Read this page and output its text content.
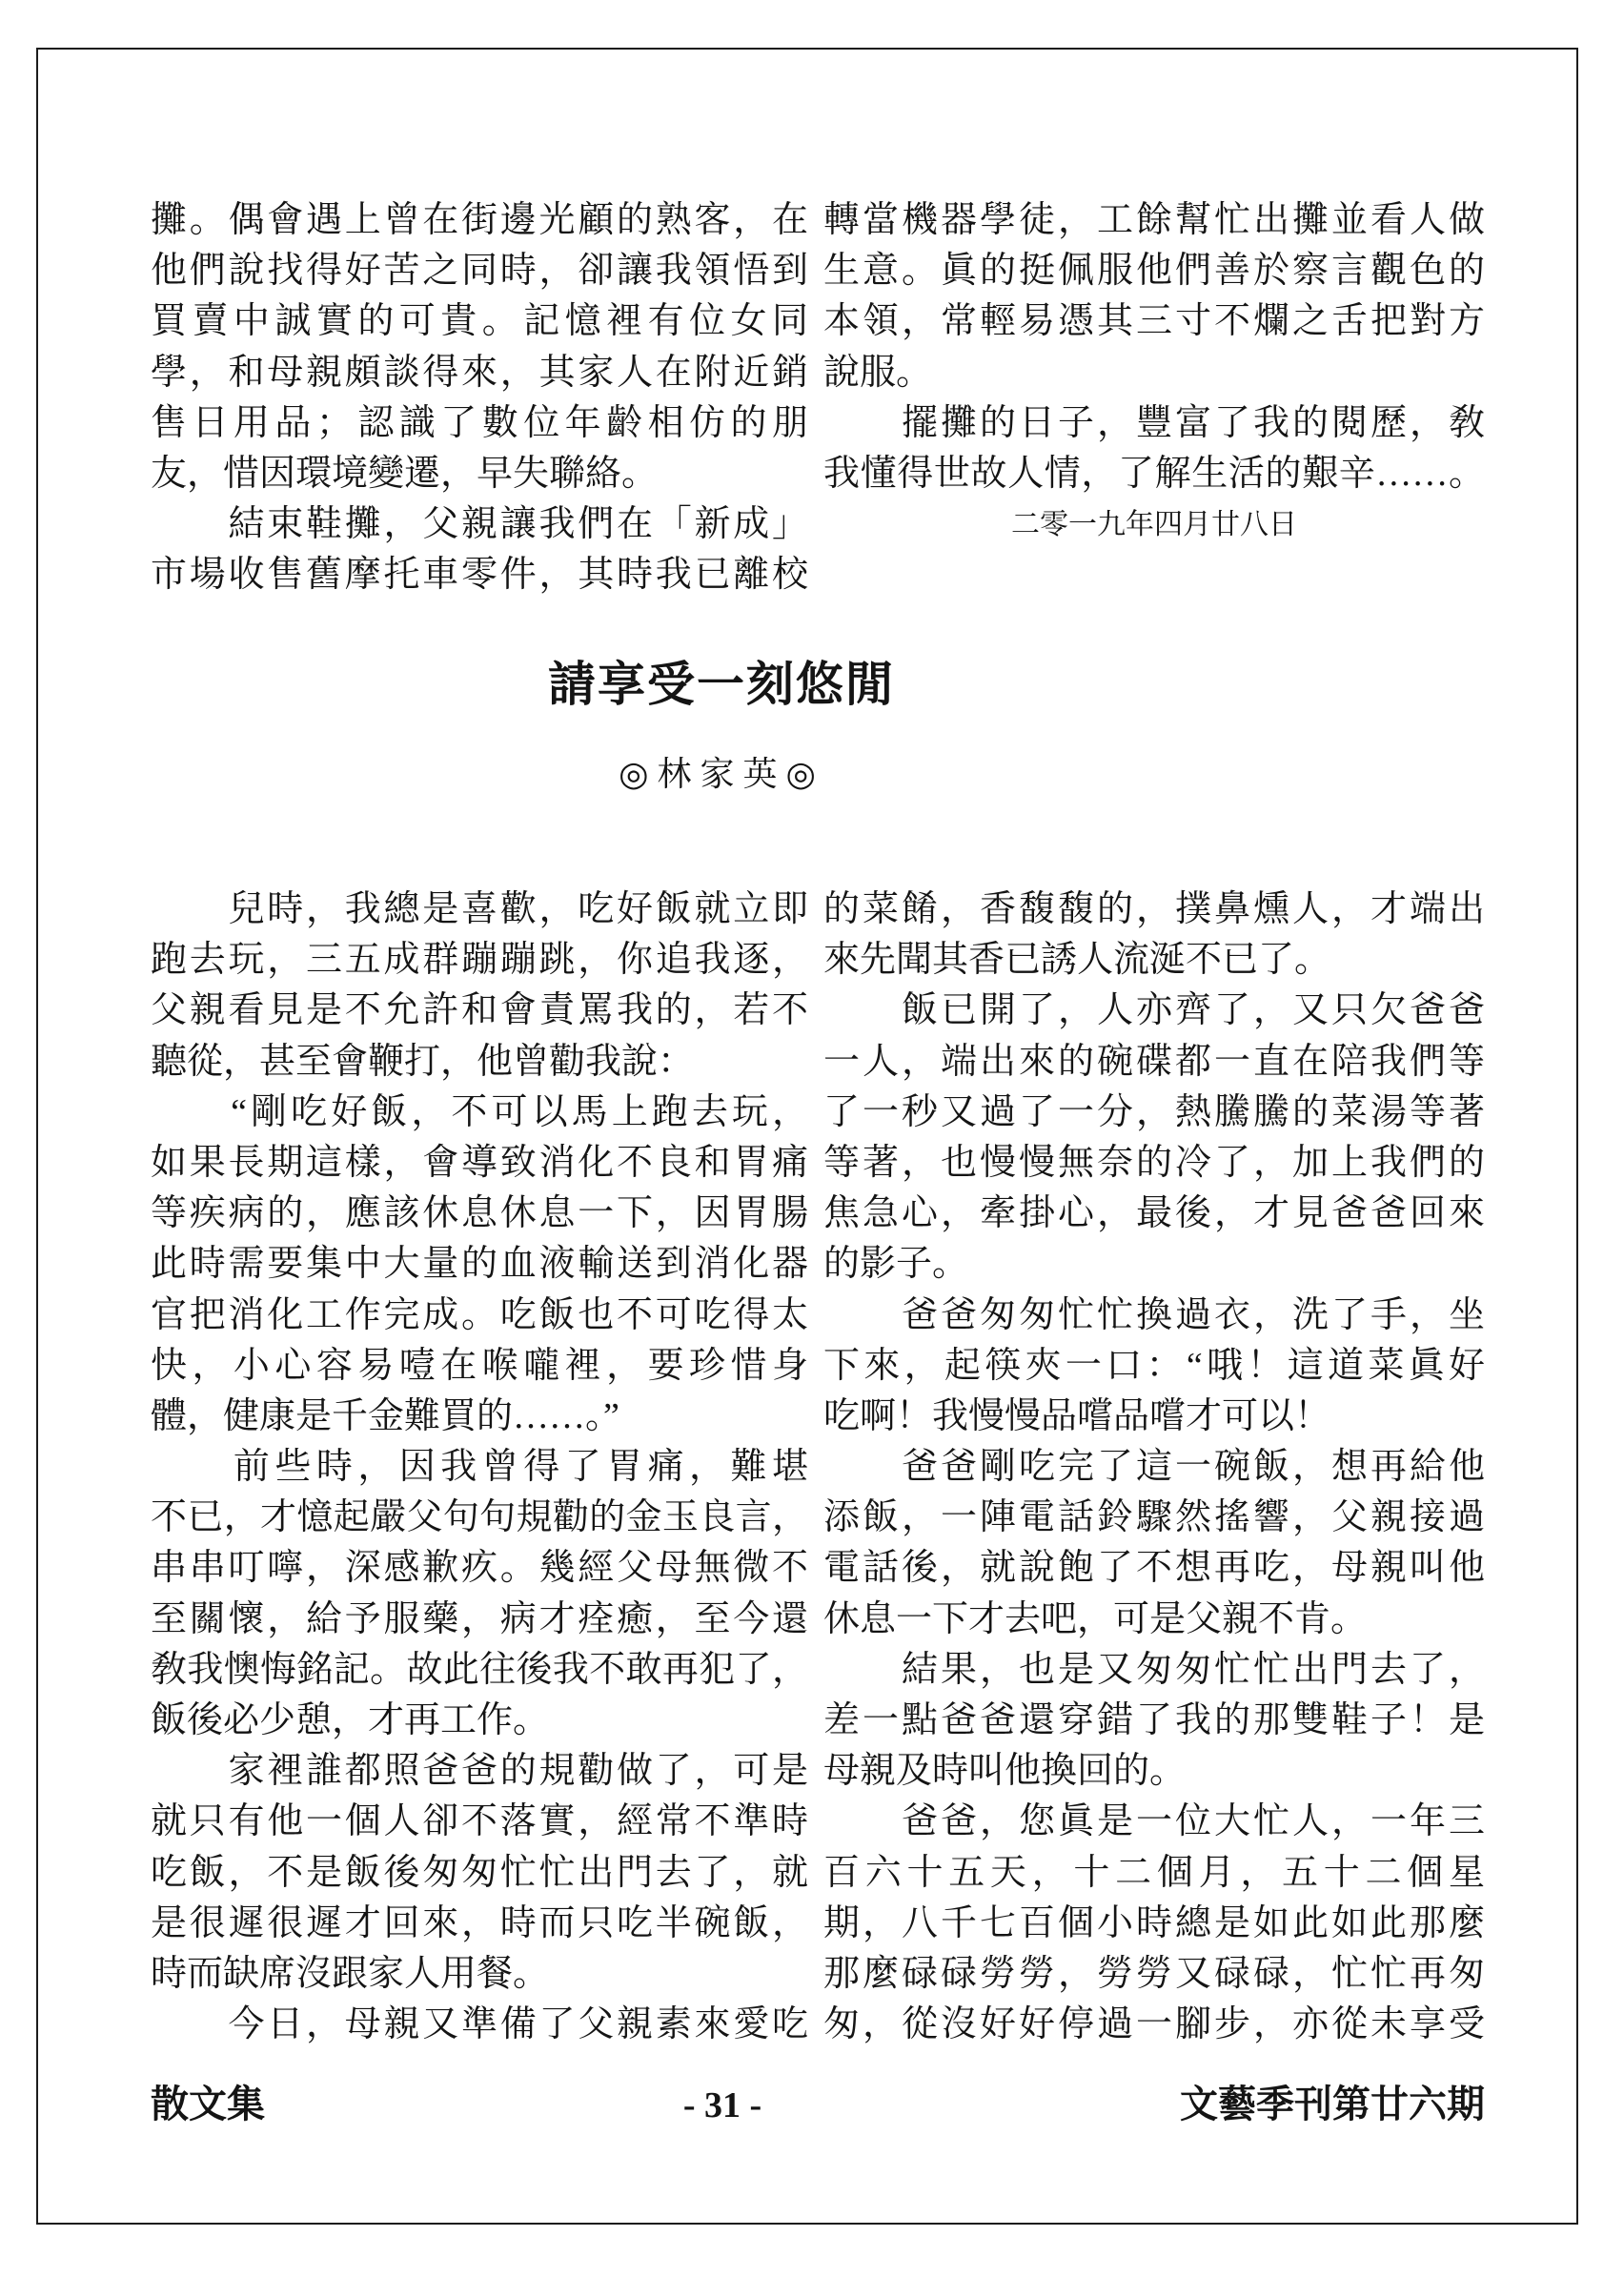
攤。偶會遇上曾在街邊光顧的熟客，在
他們說找得好苦之同時，卻讓我領悟到
買賣中誠實的可貴。記憶裡有位女同
學，和母親頗談得來，其家人在附近銷
售日用品；認識了數位年齡相仿的朋
友，惜因環境變遷，早失聯絡。
　　結束鞋攤，父親讓我們在「新成」
市場收售舊摩托車零件，其時我已離校
轉當機器學徒，工餘幫忙出攤並看人做
生意。眞的挺佩服他們善於察言觀色的
本領，常輕易憑其三寸不爛之舌把對方
說服。
　　擺攤的日子，豐富了我的閱歷，敎
我懂得世故人情，了解生活的艱辛……。
二零一九年四月廿八日
請享受一刻悠閒
◎林家英◎
　　兒時，我總是喜歡，吃好飯就立即
跑去玩，三五成群蹦蹦跳，你追我逐，
父親看見是不允許和會責罵我的，若不
聽從，甚至會鞭打，他曾勸我說：
　　“剛吃好飯，不可以馬上跑去玩，
如果長期這樣，會導致消化不良和胃痛
等疾病的，應該休息休息一下，因胃腸
此時需要集中大量的血液輸送到消化器
官把消化工作完成。吃飯也不可吃得太
快，小心容易噎在喉嚨裡，要珍惜身
體，健康是千金難買的……。”
　　前些時，因我曾得了胃痛，難堪
不已，才憶起嚴父句句規勸的金玉良言，
串串叮嚀，深感歉疚。幾經父母無微不
至關懷，給予服藥，病才痊癒，至今還
敎我懊悔銘記。故此往後我不敢再犯了，
飯後必少憩，才再工作。
　　家裡誰都照爸爸的規勸做了，可是
就只有他一個人卻不落實，經常不準時
吃飯，不是飯後匆匆忙忙出門去了，就
是很遲很遲才回來，時而只吃半碗飯，
時而缺席沒跟家人用餐。
　　今日，母親又準備了父親素來愛吃
的菜餚，香馥馥的，撲鼻燻人，才端出
來先聞其香已誘人流涎不已了。
　　飯已開了，人亦齊了，又只欠爸爸
一人，端出來的碗碟都一直在陪我們等
了一秒又過了一分，熱騰騰的菜湯等著
等著，也慢慢無奈的冷了，加上我們的
焦急心，牽掛心，最後，才見爸爸回來
的影子。
　　爸爸匆匆忙忙換過衣，洗了手，坐
下來，起筷夾一口：“哦！這道菜眞好
吃啊！我慢慢品嚐品嚐才可以！
　　爸爸剛吃完了這一碗飯，想再給他
添飯，一陣電話鈴驟然搖響，父親接過
電話後，就說飽了不想再吃，母親叫他
休息一下才去吧，可是父親不肯。
　　結果，也是又匆匆忙忙出門去了，
差一點爸爸還穿錯了我的那雙鞋子！是
母親及時叫他換回的。
　　爸爸，您眞是一位大忙人，一年三
百六十五天，十二個月，五十二個星
期，八千七百個小時總是如此如此那麼
那麼碌碌勞勞，勞勞又碌碌，忙忙再匆
匆，從沒好好停過一腳步，亦從未享受
散文集	- 31 -	文藝季刊第廿六期
